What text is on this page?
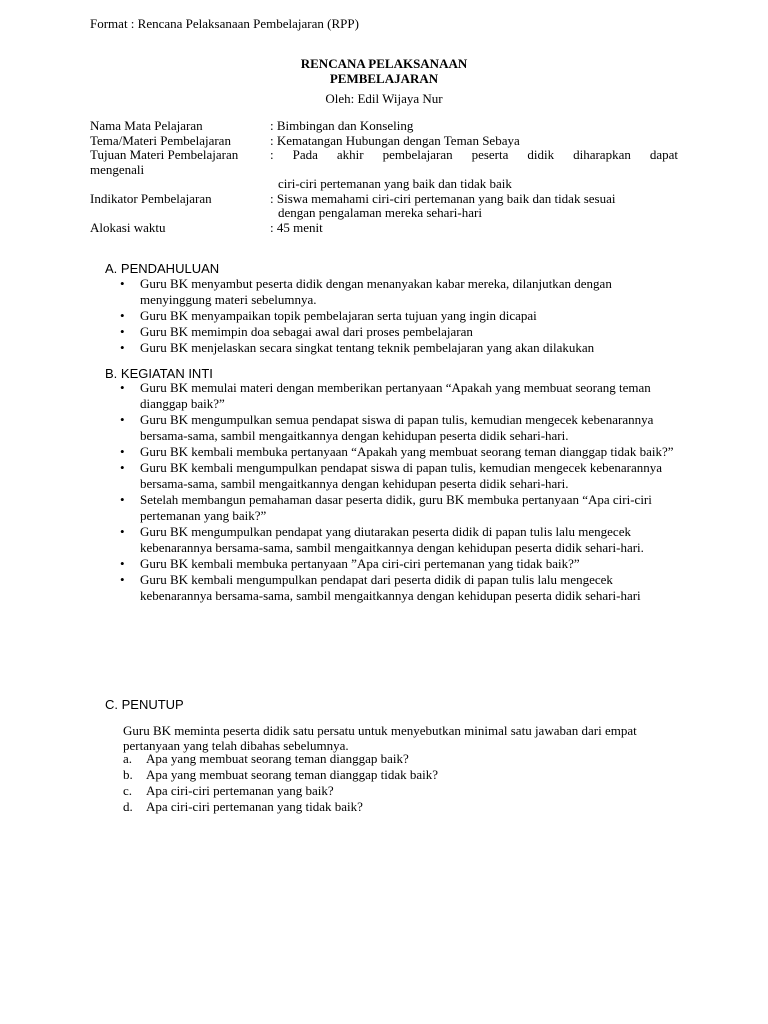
Format : Rencana Pelaksanaan Pembelajaran (RPP)
RENCANA PELAKSANAAN
PEMBELAJARAN
Oleh: Edil Wijaya Nur
Nama Mata Pelajaran	: Bimbingan dan Konseling
Tema/Materi Pembelajaran	: Kematangan Hubungan dengan Teman Sebaya
Tujuan Materi Pembelajaran	: Pada akhir pembelajaran peserta didik diharapkan dapat
mengenali
ciri-ciri pertemanan yang baik dan tidak baik
Indikator Pembelajaran	: Siswa memahami ciri-ciri pertemanan yang baik dan tidak sesuai
dengan pengalaman mereka sehari-hari
Alokasi waktu	: 45 menit
A. PENDAHULUAN
• Guru BK menyambut peserta didik dengan menanyakan kabar mereka, dilanjutkan dengan menyinggung materi sebelumnya.
• Guru BK menyampaikan topik pembelajaran serta tujuan yang ingin dicapai
• Guru BK memimpin doa sebagai awal dari proses pembelajaran
• Guru BK menjelaskan secara singkat tentang teknik pembelajaran yang akan dilakukan
B. KEGIATAN INTI
• Guru BK memulai materi dengan memberikan pertanyaan “Apakah yang membuat seorang teman dianggap baik?”
• Guru BK mengumpulkan semua pendapat siswa di papan tulis, kemudian mengecek kebenarannya bersama-sama, sambil mengaitkannya dengan kehidupan peserta didik sehari-hari.
• Guru BK kembali membuka pertanyaan “Apakah yang membuat seorang teman dianggap tidak baik?”
• Guru BK kembali mengumpulkan pendapat siswa di papan tulis, kemudian mengecek kebenarannya bersama-sama, sambil mengaitkannya dengan kehidupan peserta didik sehari-hari.
• Setelah membangun pemahaman dasar peserta didik, guru BK membuka pertanyaan “Apa ciri-ciri pertemanan yang baik?”
• Guru BK mengumpulkan pendapat yang diutarakan peserta didik di papan tulis lalu mengecek kebenarannya bersama-sama, sambil mengaitkannya dengan kehidupan peserta didik sehari-hari.
• Guru BK kembali membuka pertanyaan ”Apa ciri-ciri pertemanan yang tidak baik?”
• Guru BK kembali mengumpulkan pendapat dari peserta didik di papan tulis lalu mengecek kebenarannya bersama-sama, sambil mengaitkannya dengan kehidupan peserta didik sehari-hari
C. PENUTUP
Guru BK meminta peserta didik satu persatu untuk menyebutkan minimal satu jawaban dari empat pertanyaan yang telah dibahas sebelumnya.
a.	Apa yang membuat seorang teman dianggap baik?
b.	Apa yang membuat seorang teman dianggap tidak baik?
c.	Apa ciri-ciri pertemanan yang baik?
d.	Apa ciri-ciri pertemanan yang tidak baik?
